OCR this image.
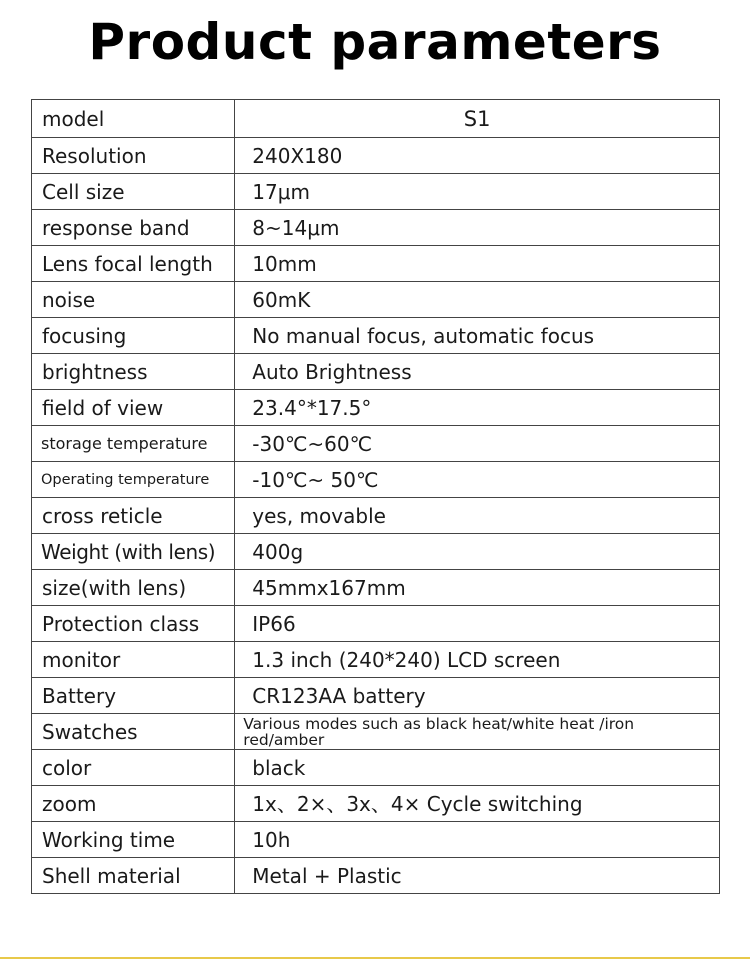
Product parameters
model	S1

Resolution	240X180

Cell size	17μm

response band	8~14μm

Lens focal length	10mm

noise	60mK

focusing	No manual focus, automatic focus

brightness	Auto Brightness

field of view	23.4°*17.5°

storage temperature	-30℃~60℃

Operating temperature	-10℃~ 50℃

cross reticle	yes, movable

Weight (with lens)	400g

size(with lens)	45mmx167mm

Protection class	IP66

monitor	1.3 inch (240*240) LCD screen

Battery	CR123AA battery

Swatches	Various modes such as black heat/white heat /iron red/amber

color	black

zoom	1x、2×、3x、4× Cycle switching

Working time	10h

Shell material	Metal + Plastic
